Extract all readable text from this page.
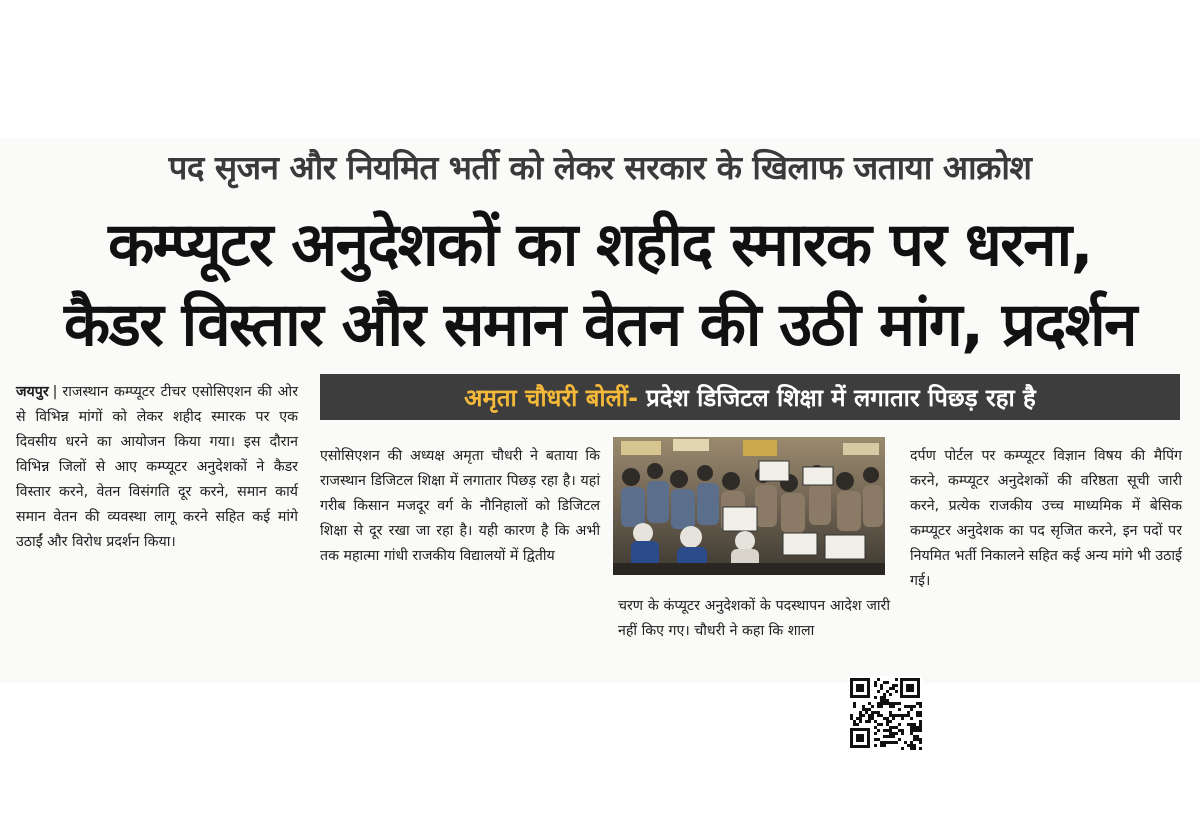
पद सृजन और नियमित भर्ती को लेकर सरकार के खिलाफ जताया आक्रोश
कम्प्यूटर अनुदेशकों का शहीद स्मारक पर धरना,
कैडर विस्तार और समान वेतन की उठी मांग, प्रदर्शन
अमृता चौधरी बोलीं- प्रदेश डिजिटल शिक्षा में लगातार पिछड़ रहा है
जयपुर | राजस्थान कम्प्यूटर टीचर एसोसिएशन की ओर से विभिन्न मांगों को लेकर शहीद स्मारक पर एक दिवसीय धरने का आयोजन किया गया। इस दौरान विभिन्न जिलों से आए कम्प्यूटर अनुदेशकों ने कैडर विस्तार करने, वेतन विसंगति दूर करने, समान कार्य समान वेतन की व्यवस्था लागू करने सहित कई मांगे उठाईं और विरोध प्रदर्शन किया।
एसोसिएशन की अध्यक्ष अमृता चौधरी ने बताया कि राजस्थान डिजिटल शिक्षा में लगातार पिछड़ रहा है। यहां गरीब किसान मजदूर वर्ग के नौनिहालों को डिजिटल शिक्षा से दूर रखा जा रहा है। यही कारण है कि अभी तक महात्मा गांधी राजकीय विद्यालयों में द्वितीय
चरण के कंप्यूटर अनुदेशकों के पदस्थापन आदेश जारी नहीं किए गए। चौधरी ने कहा कि शाला
दर्पण पोर्टल पर कम्प्यूटर विज्ञान विषय की मैपिंग करने, कम्प्यूटर अनुदेशकों की वरिष्ठता सूची जारी करने, प्रत्येक राजकीय उच्च माध्यमिक में बेसिक कम्प्यूटर अनुदेशक का पद सृजित करने, इन पदों पर नियमित भर्ती निकालने सहित कई अन्य मांगे भी उठाई गई।
